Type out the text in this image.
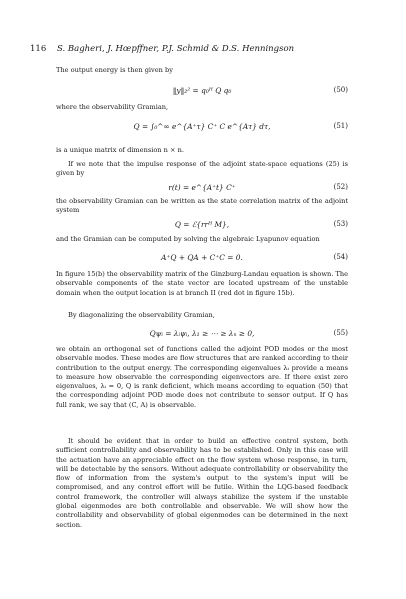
116 S. Bagheri, J. Hœpffner, P.J. Schmid & D.S. Henningson

The output energy is then given by

‖y‖₂² = q₀ᴴ Q q₀	(50)

where the observability Gramian,

Q = ∫₀^∞ e^{A⁺τ} C⁺ C e^{Aτ} dτ,	(51)

is a unique matrix of dimension n × n.

If we note that the impulse response of the adjoint state-space equations (25) is given by

r(t) = e^{A⁺t} C⁺	(52)

the observability Gramian can be written as the state correlation matrix of the adjoint system

Q = ℰ{rrᴴ M},	(53)

and the Gramian can be computed by solving the algebraic Lyapunov equation

A⁺Q + QA + C⁺C = 0.	(54)

In figure 15(b) the observability matrix of the Ginzburg-Landau equation is shown. The observable components of the state vector are located upstream of the unstable domain when the output location is at branch II (red dot in figure 15b).

By diagonalizing the observability Gramian,

Qψᵢ = λᵢψᵢ, λ₁ ≥ ⋯ ≥ λₙ ≥ 0,	(55)

we obtain an orthogonal set of functions called the adjoint POD modes or the most observable modes. These modes are flow structures that are ranked according to their contribution to the output energy. The corresponding eigenvalues λᵢ provide a means to measure how observable the corresponding eigenvectors are. If there exist zero eigenvalues, λᵢ = 0, Q is rank deficient, which means according to equation (50) that the corresponding adjoint POD mode does not contribute to sensor output. If Q has full rank, we say that (C, A) is observable.

It should be evident that in order to build an effective control system, both sufficient controllability and observability has to be established. Only in this case will the actuation have an appreciable effect on the flow system whose response, in turn, will be detectable by the sensors. Without adequate controllability or observability the flow of information from the system's output to the system's input will be compromised, and any control effort will be futile. Within the LQG-based feedback control framework, the controller will always stabilize the system if the unstable global eigenmodes are both controllable and observable. We will show how the controllability and observability of global eigenmodes can be determined in the next section.
